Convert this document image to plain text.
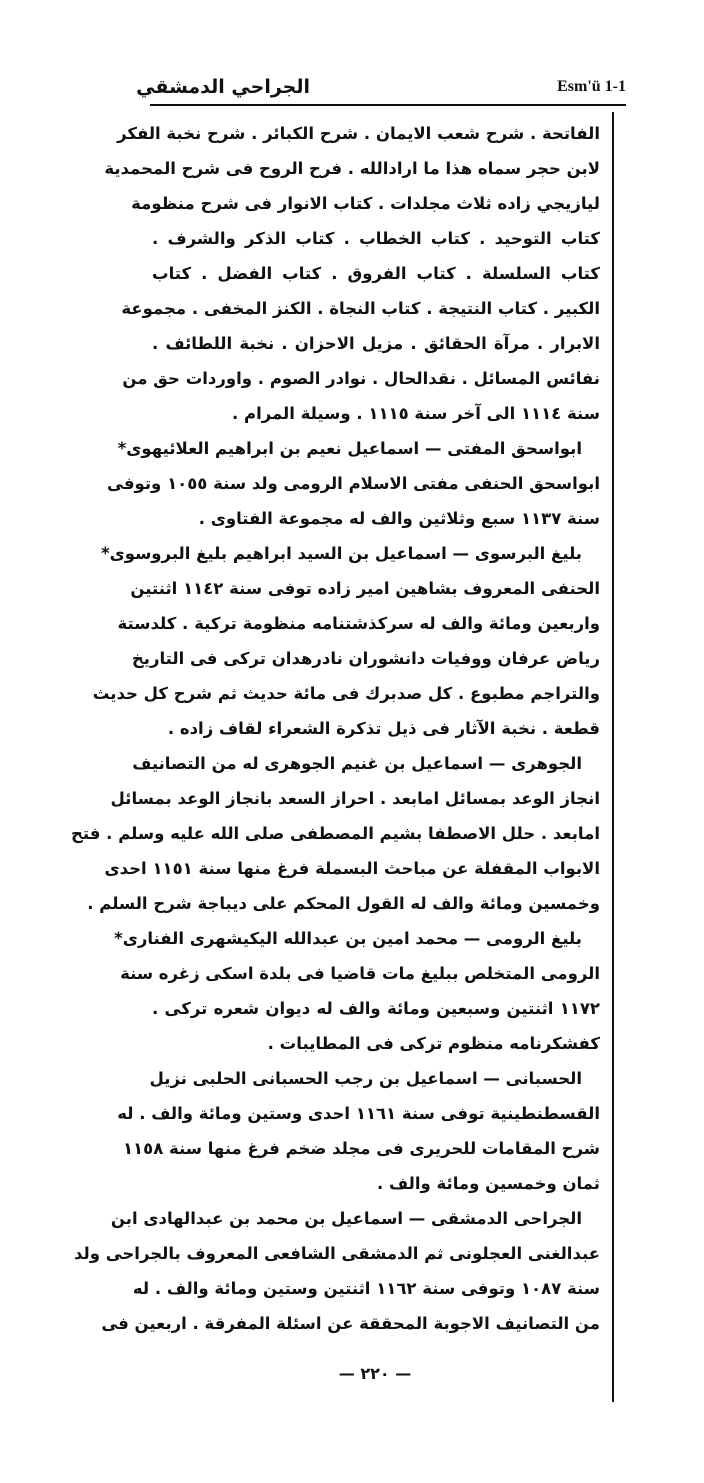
الجراحي الدمشقي	Esm'ü 1-1
الفاتحة . شرح شعب الايمان . شرح الكبائر . شرح نخبة الفكر
لابن حجر سماه هذا ما ارادالله . فرح الروح فى شرح المحمدية
ليازيجي زاده ثلاث مجلدات . كتاب الانوار فى شرح منظومة
كتاب التوحيد . كتاب الخطاب . كتاب الذكر والشرف .
كتاب السلسلة . كتاب الفروق . كتاب الفضل . كتاب
الكبير . كتاب النتيجة . كتاب النجاة . الكنز المخفى . مجموعة
الابرار . مرآة الحقائق . مزيل الاحزان . نخبة اللطائف .
نفائس المسائل . نقدالحال . نوادر الصوم . واوردات حق من
سنة ١١١٤ الى آخر سنة ١١١٥ . وسيلة المرام .
ابواسحق المفتى — اسماعيل نعيم بن ابراهيم العلائيهوى*
ابواسحق الحنفى مفتى الاسلام الرومى ولد سنة ١٠٥٥ وتوفى
سنة ١١٣٧ سبع وثلاثين والف له مجموعة الفتاوى .
بليغ البرسوى — اسماعيل بن السيد ابراهيم بليغ البروسوى*
الحنفى المعروف بشاهين امير زاده توفى سنة ١١٤٢ اثنتين
واربعين ومائة والف له سركذشتنامه منظومة تركية . كلدستة
رياض عرفان ووفيات دانشوران نادرهدان تركى فى التاريخ
والتراجم مطبوع . كل صدبرك فى مائة حديث ثم شرح كل حديث
قطعة . نخبة الآثار فى ذيل تذكرة الشعراء لقاف زاده .
الجوهرى — اسماعيل بن غنيم الجوهرى له من التصانيف
انجاز الوعد بمسائل امابعد . احراز السعد بانجاز الوعد بمسائل
امابعد . حلل الاصطفا بشيم المصطفى صلى الله عليه وسلم . فتح
الابواب المقفلة عن مباحث البسملة فرغ منها سنة ١١٥١ احدى
وخمسين ومائة والف له القول المحكم على ديباجة شرح السلم .
بليغ الرومى — محمد امين بن عبدالله اليكيشهرى الفنارى*
الرومى المتخلص ببليغ مات قاضيا فى بلدة اسكى زغره سنة
١١٧٢ اثنتين وسبعين ومائة والف له ديوان شعره تركى .
كفشكرنامه منظوم تركى فى المطايبات .
الحسبانى — اسماعيل بن رجب الحسبانى الحلبى نزيل
القسطنطينية توفى سنة ١١٦١ احدى وستين ومائة والف . له
شرح المقامات للحريرى فى مجلد ضخم فرغ منها سنة ١١٥٨
ثمان وخمسين ومائة والف .
الجراحى الدمشقى — اسماعيل بن محمد بن عبدالهادى ابن
عبدالغنى العجلونى ثم الدمشقى الشافعى المعروف بالجراحى ولد
سنة ١٠٨٧ وتوفى سنة ١١٦٢ اثنتين وستين ومائة والف . له
من التصانيف الاجوبة المحققة عن اسئلة المفرقة . اربعين فى
— ٢٢٠ —
